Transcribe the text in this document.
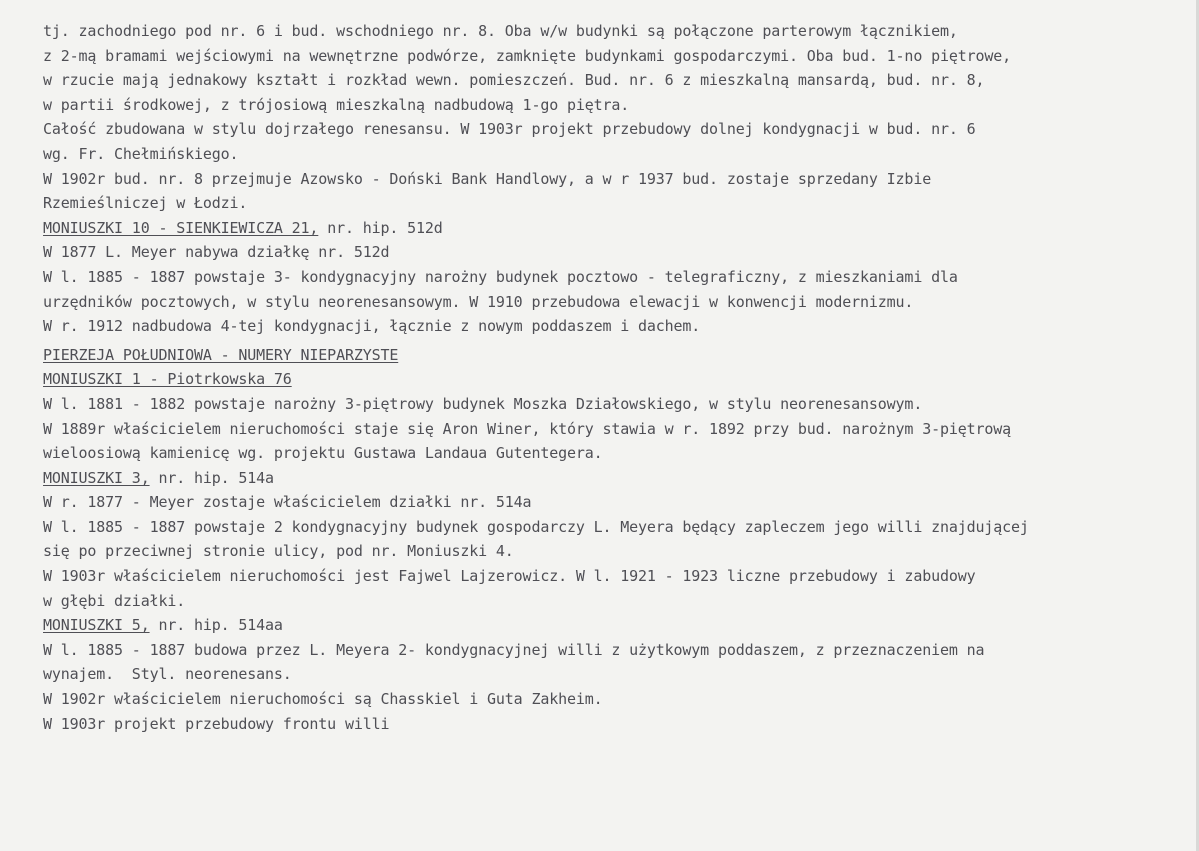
tj. zachodniego pod nr. 6 i bud. wschodniego nr. 8. Oba w/w budynki są połączone parterowym łącznikiem,
z 2-mą bramami wejściowymi na wewnętrzne podwórze, zamknięte budynkami gospodarczymi. Oba bud. 1-no piętrowe,
w rzucie mają jednakowy kształt i rozkład wewn. pomieszczeń. Bud. nr. 6 z mieszkalną mansardą, bud. nr. 8,
w partii środkowej, z trójosiową mieszkalną nadbudową 1-go piętra.
Całość zbudowana w stylu dojrzałego renesansu. W 1903r projekt przebudowy dolnej kondygnacji w bud. nr. 6
wg. Fr. Chełmińskiego.
W 1902r bud. nr. 8 przejmuje Azowsko - Doński Bank Handlowy, a w r 1937 bud. zostaje sprzedany Izbie
Rzemieślniczej w Łodzi.
MONIUSZKI 10 - SIENKIEWICZA 21, nr. hip. 512d
W 1877 L. Meyer nabywa działkę nr. 512d
W l. 1885 - 1887 powstaje 3- kondygnacyjny narożny budynek pocztowo - telegraficzny, z mieszkaniami dla
urzędników pocztowych, w stylu neorenesansowym. W 1910 przebudowa elewacji w konwencji modernizmu.
W r. 1912 nadbudowa 4-tej kondygnacji, łącznie z nowym poddaszem i dachem.
PIERZEJA POŁUDNIOWA - NUMERY NIEPARZYSTE
MONIUSZKI 1 - Piotrkowska 76
W l. 1881 - 1882 powstaje narożny 3-piętrowy budynek Moszka Działowskiego, w stylu neorenesansowym.
W 1889r właścicielem nieruchomości staje się Aron Winer, który stawia w r. 1892 przy bud. narożnym 3-piętrową
wieloosiową kamienicę wg. projektu Gustawa Landaua Gutentegera.
MONIUSZKI 3, nr. hip. 514a
W r. 1877 - Meyer zostaje właścicielem działki nr. 514a
W l. 1885 - 1887 powstaje 2 kondygnacyjny budynek gospodarczy L. Meyera będący zapleczem jego willi znajdującej
się po przeciwnej stronie ulicy, pod nr. Moniuszki 4.
W 1903r właścicielem nieruchomości jest Fajwel Lajzerowicz. W l. 1921 - 1923 liczne przebudowy i zabudowy
w głębi działki.
MONIUSZKI 5, nr. hip. 514aa
W l. 1885 - 1887 budowa przez L. Meyera 2- kondygnacyjnej willi z użytkowym poddaszem, z przeznaczeniem na
wynajem.  Styl. neorenesans.
W 1902r właścicielem nieruchomości są Chasskiel i Guta Zakheim.
W 1903r projekt przebudowy frontu willi
